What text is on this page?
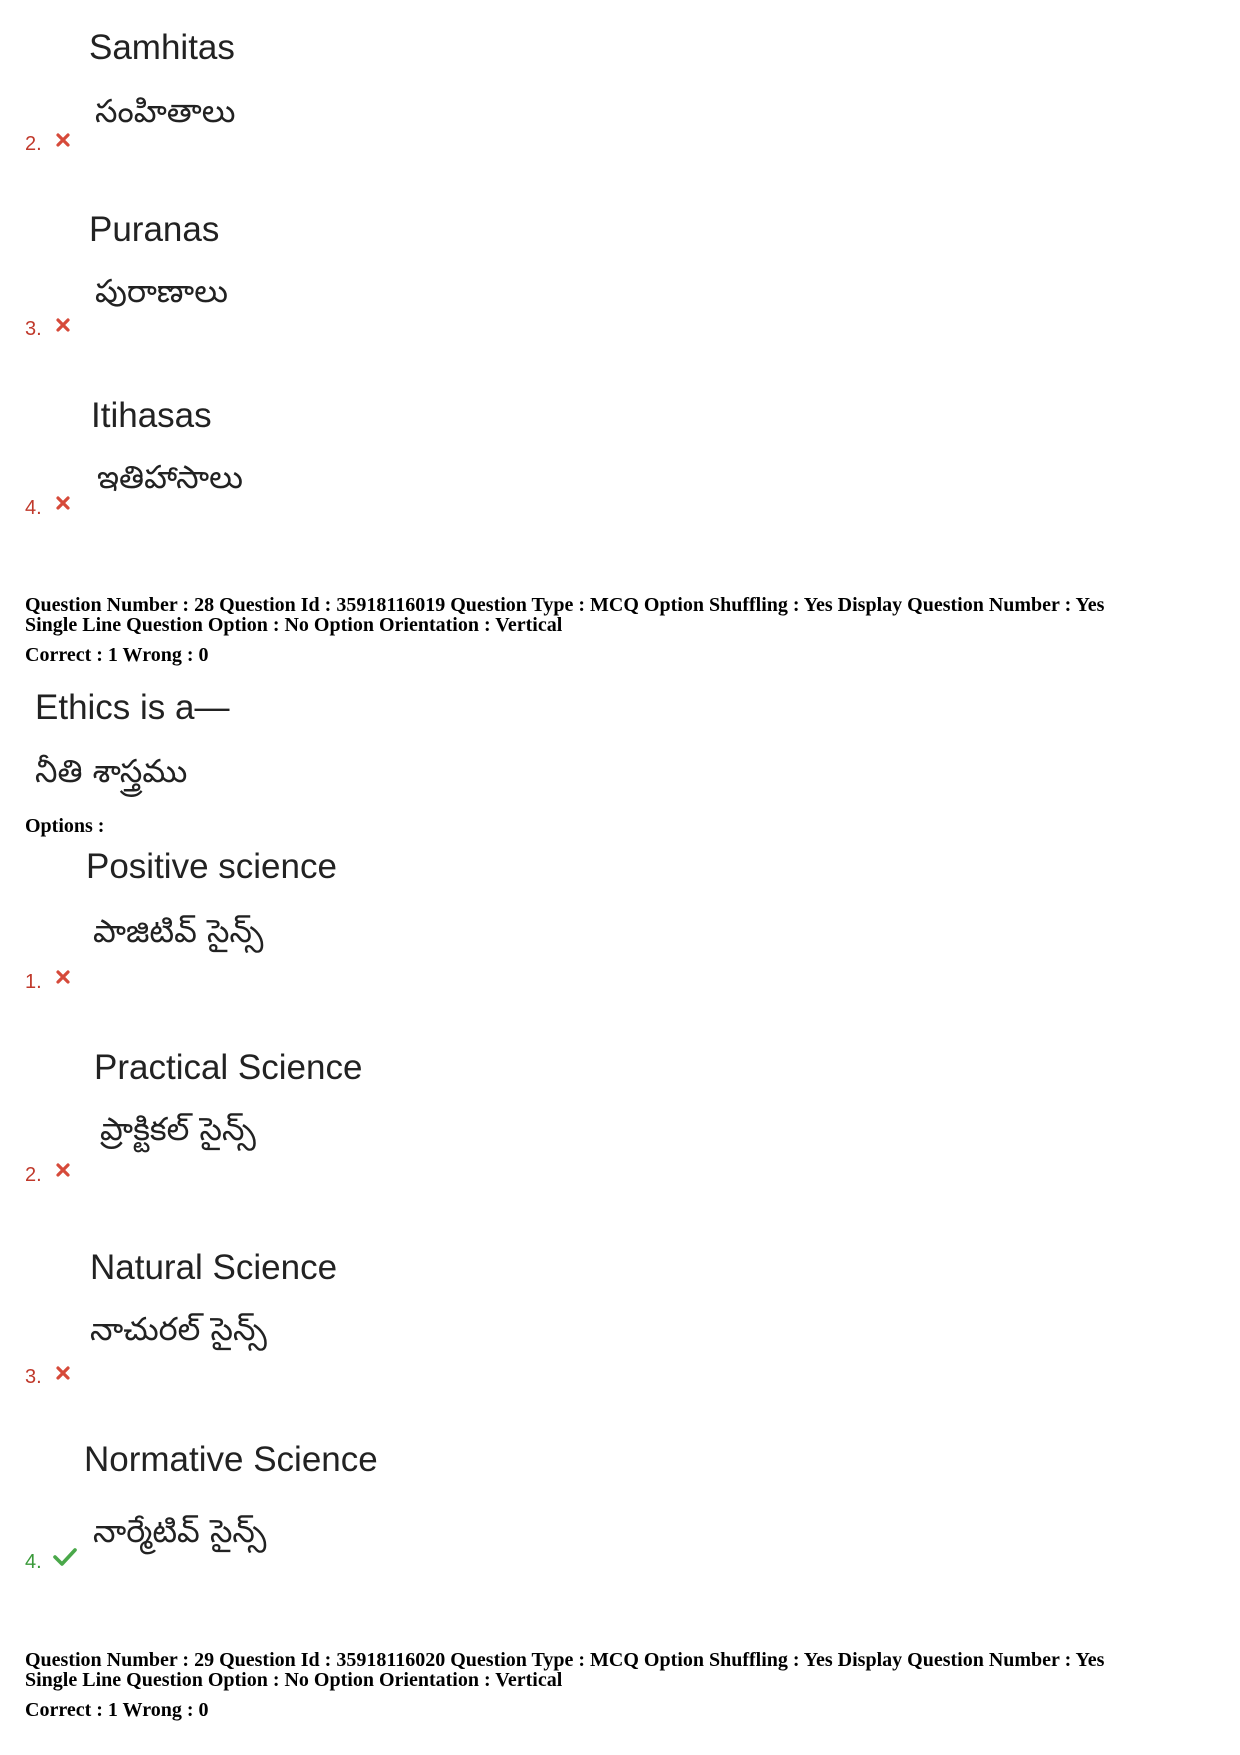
Samhitas
సంహితాలు
2.
Puranas
పురాణాలు
3.
Itihasas
ఇతిహాసాలు
4.
Question Number : 28 Question Id : 35918116019 Question Type : MCQ Option Shuffling : Yes Display Question Number : Yes
Single Line Question Option : No Option Orientation : Vertical
Correct : 1 Wrong : 0
Ethics is a—
నీతి శాస్త్రము
Options :
Positive science
పాజిటివ్ సైన్స్
1.
Practical Science
ప్రాక్టికల్ సైన్స్
2.
Natural Science
నాచురల్ సైన్స్
3.
Normative Science
నార్మేటివ్ సైన్స్
4.
Question Number : 29 Question Id : 35918116020 Question Type : MCQ Option Shuffling : Yes Display Question Number : Yes
Single Line Question Option : No Option Orientation : Vertical
Correct : 1 Wrong : 0
